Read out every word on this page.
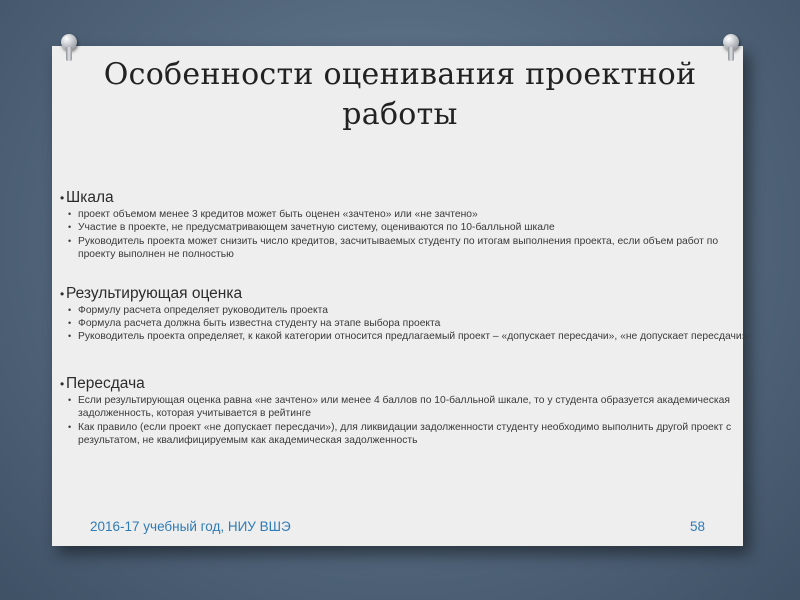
Особенности оценивания проектной работы
• Шкала
• проект объемом менее 3 кредитов может быть оценен «зачтено» или «не зачтено»
• Участие в проекте, не предусматривающем зачетную систему, оцениваются по 10-балльной шкале
• Руководитель проекта может снизить число кредитов, засчитываемых студенту по итогам выполнения проекта, если объем работ по проекту выполнен не полностью
• Результирующая оценка
• Формулу расчета определяет руководитель проекта
• Формула расчета должна быть известна студенту на этапе выбора проекта
• Руководитель проекта определяет, к какой категории относится предлагаемый проект – «допускает пересдачи», «не допускает пересдачи»
• Пересдача
• Если результирующая оценка равна «не зачтено» или менее 4 баллов по 10-балльной шкале, то у студента образуется академическая задолженность, которая учитывается в рейтинге
• Как правило (если проект «не допускает пересдачи»), для ликвидации задолженности студенту необходимо выполнить другой проект с результатом, не квалифицируемым как академическая задолженность
2016-17 учебный год, НИУ ВШЭ	58
